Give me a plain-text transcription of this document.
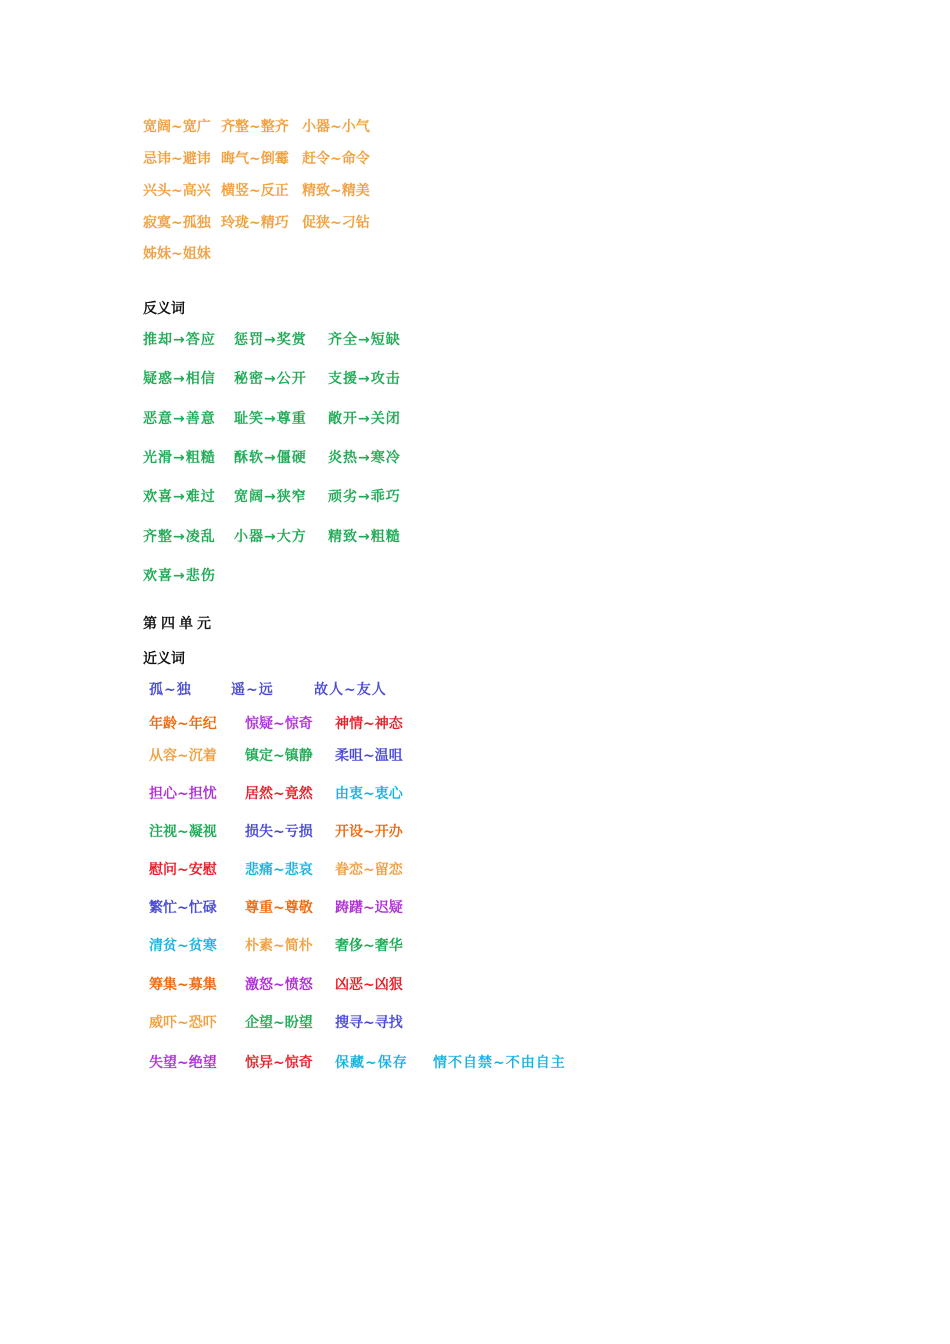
宽阔~宽广 齐整~整齐 小器~小气
忌讳~避讳 晦气~倒霉 赶令~命令
兴头~高兴 横竖~反正 精致~精美
寂寞~孤独 玲珑~精巧 促狭~刁钻
姊妹~姐妹
反义词
推却→答应 惩罚→奖赏 齐全→短缺
疑惑→相信 秘密→公开 支援→攻击
恶意→善意 耻笑→尊重 敞开→关闭
光滑→粗糙 酥软→僵硬 炎热→寒冷
欢喜→难过 宽阔→狭窄 顽劣→乖巧
齐整→凌乱 小器→大方 精致→粗糙
欢喜→悲伤
第四单元
近义词
孤~独	遥~远	故人~友人
年龄~年纪 惊疑~惊奇 神情~神态
从容~沉着 镇定~镇静 柔咀~温咀
担心~担忧 居然~竟然 由衷~衷心
注视~凝视 损失~亏损 开设~开办
慰问~安慰 悲痛~悲哀 眷恋~留恋
繁忙~忙碌 尊重~尊敬 踌躇~迟疑
清贫~贫寒 朴素~简朴 奢侈~奢华
筹集~募集 激怒~愤怒 凶恶~凶狠
威吓~恐吓 企望~盼望 搜寻~寻找
失望~绝望 惊异~惊奇 保藏~保存 情不自禁~不由自主
